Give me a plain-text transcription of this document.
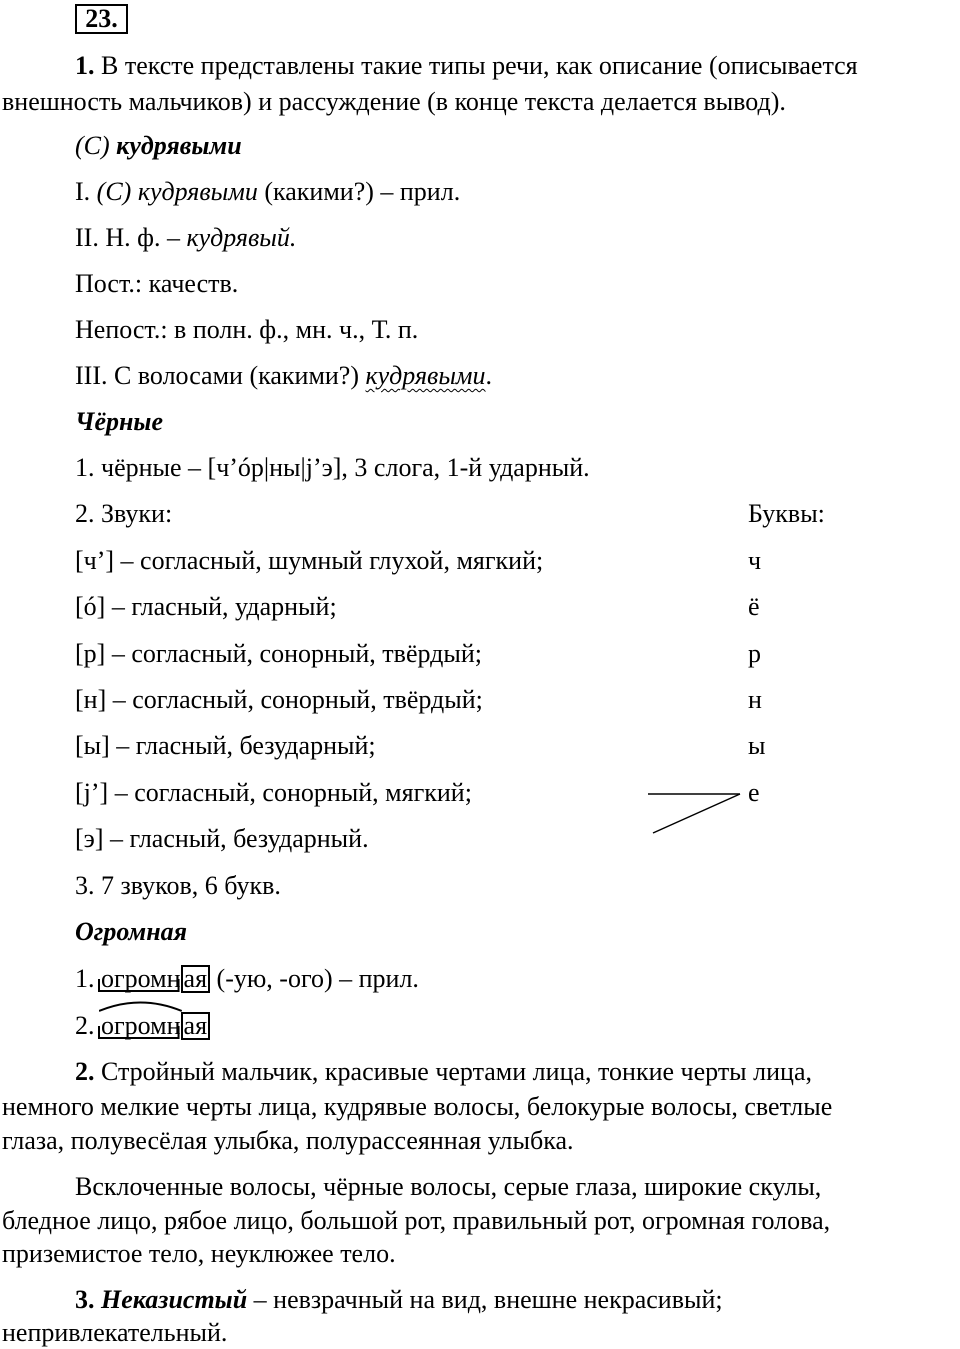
23.
1. В тексте представлены такие типы речи, как описание (описывается
внешность мальчиков) и рассуждение (в конце текста делается вывод).
(С) кудрявыми
I. (С) кудрявыми (какими?) – прил.
II. Н. ф. – кудрявый.
Пост.: качеств.
Непост.: в полн. ф., мн. ч., Т. п.
III. С волосами (какими?) кудрявыми.
Чёрные
1. чёрные – [ч’óр|ны|j’э], 3 слога, 1-й ударный.
2. Звуки:	Буквы:
[ч’] – согласный, шумный глухой, мягкий;	ч
[ó] – гласный, ударный;	ё
[р] – согласный, сонорный, твёрдый;	р
[н] – согласный, сонорный, твёрдый;	н
[ы] – гласный, безударный;	ы
[j’] – согласный, сонорный, мягкий;	е
[э] – гласный, безударный.
3. 7 звуков, 6 букв.
Огромная
1. огромн ая (-ую, -ого) – прил.
2. огромн ая
2. Стройный мальчик, красивые чертами лица, тонкие черты лица,
немного мелкие черты лица, кудрявые волосы, белокурые волосы, светлые
глаза, полувесёлая улыбка, полурассеянная улыбка.
Всклоченные волосы, чёрные волосы, серые глаза, широкие скулы,
бледное лицо, рябое лицо, большой рот, правильный рот, огромная голова,
приземистое тело, неуклюжее тело.
3. Неказистый – невзрачный на вид, внешне некрасивый;
непривлекательный.
